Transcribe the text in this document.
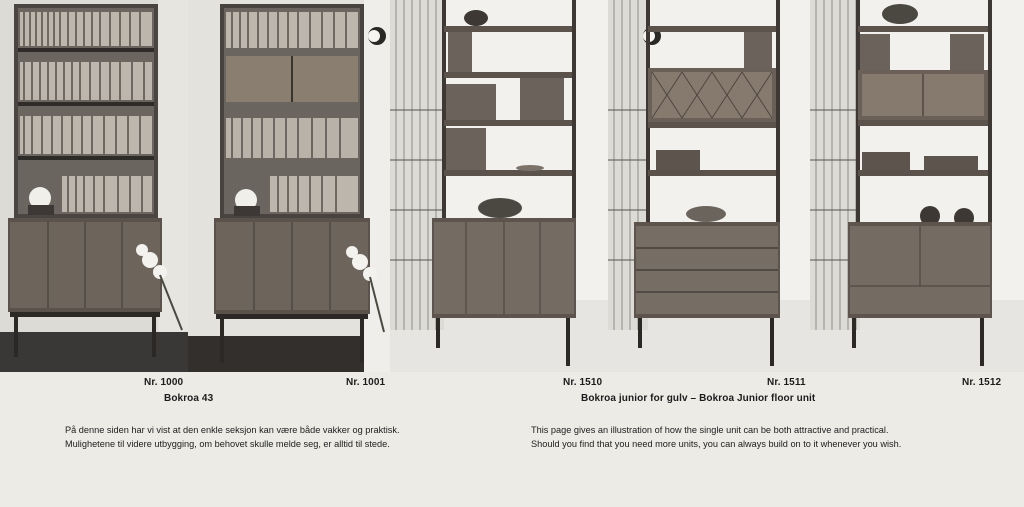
Nr. 1000	Nr. 1001	Nr. 1510	Nr. 1511	Nr. 1512
Bokroa 43	Bokroa junior for gulv – Bokroa Junior floor unit
På denne siden har vi vist at den enkle seksjon kan være både vakker og praktisk.
Mulighetene til videre utbygging, om behovet skulle melde seg, er alltid til stede.
This page gives an illustration of how the single unit can be both attractive and practical.
Should you find that you need more units, you can always build on to it whenever you wish.
